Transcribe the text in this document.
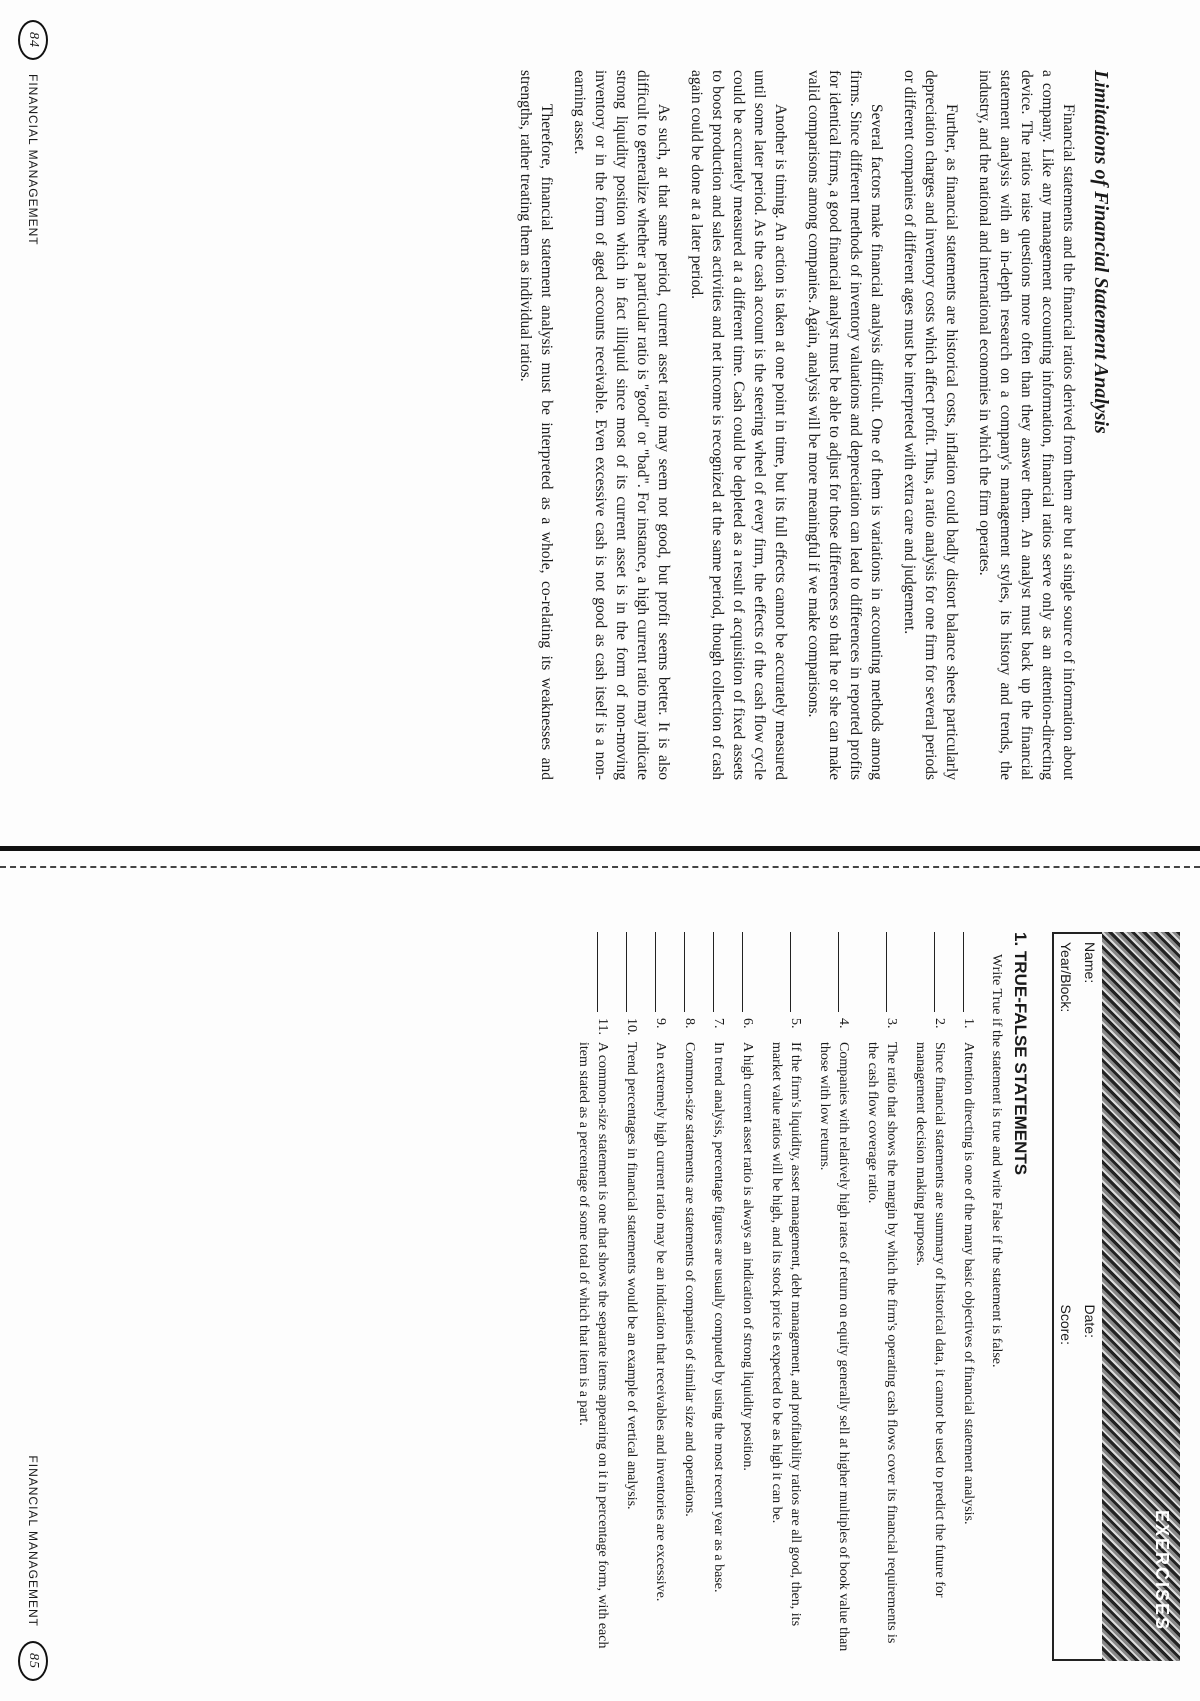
Limitations of Financial Statement Analysis

Financial statements and the financial ratios derived from them are but a single source of information about a company. Like any management accounting information, financial ratios serve only as an attention-directing device. The ratios raise questions more often than they answer them. An analyst must back up the financial statement analysis with an in-depth research on a company's management styles, its history and trends, the industry, and the national and international economies in which the firm operates.

Further, as financial statements are historical costs, inflation could badly distort balance sheets particularly depreciation charges and inventory costs which affect profit. Thus, a ratio analysis for one firm for several periods or different companies of different ages must be interpreted with extra care and judgement.

Several factors make financial analysis difficult. One of them is variations in accounting methods among firms. Since different methods of inventory valuations and depreciation can lead to differences in reported profits for identical firms, a good financial analyst must be able to adjust for those differences so that he or she can make valid comparisons among companies. Again, analysis will be more meaningful if we make comparisons.

Another is timing. An action is taken at one point in time, but its full effects cannot be accurately measured until some later period. As the cash account is the steering wheel of every firm, the effects of the cash flow cycle could be accurately measured at a different time. Cash could be depleted as a result of acquisition of fixed assets to boost production and sales activities and net income is recognized at the same period, though collection of cash again could be done at a later period.

As such, at that same period, current asset ratio may seem not good, but profit seems better. It is also difficult to generalize whether a particular ratio is "good" or "bad". For instance, a high current ratio may indicate strong liquidity position which in fact illiquid since most of its current asset is in the form of non-moving inventory or in the form of aged accounts receivable. Even excessive cash is not good as cash itself is a non-earning asset.

Therefore, financial statement analysis must be interpreted as a whole, co-relating its weaknesses and strengths, rather treating them as individual ratios.

84
FINANCIAL MANAGEMENT
EXERCISES
Name:
Date:
Year/Block:
Score:
1. TRUE-FALSE STATEMENTS
Write True if the statement is true and write False if the statement is false.
1.
Attention directing is one of the many basic objectives of financial statement analysis.
2.
Since financial statements are summary of historical data, it cannot be used to predict the future for management decision making purposes.
3.
The ratio that shows the margin by which the firm's operating cash flows cover its financial requirements is the cash flow coverage ratio.
4.
Companies with relatively high rates of return on equity generally sell at higher multiples of book value than those with low returns.
5.
If the firm's liquidity, asset management, debt management, and profitability ratios are all good, then, its market value ratios will be high, and its stock price is expected to be as high it can be.
6.
A high current asset ratio is always an indication of strong liquidity position.
7.
In trend analysis, percentage figures are usually computed by using the most recent year as a base.
8.
Common-size statements are statements of companies of similar size and operations.
9.
An extremely high current ratio may be an indication that receivables and inventories are excessive.
10.
Trend percentages in financial statements would be an example of vertical analysis.
11.
A common-size statement is one that shows the separate items appearing on it in percentage form, with each item stated as a percentage of some total of which that item is a part.
FINANCIAL MANAGEMENT
85
